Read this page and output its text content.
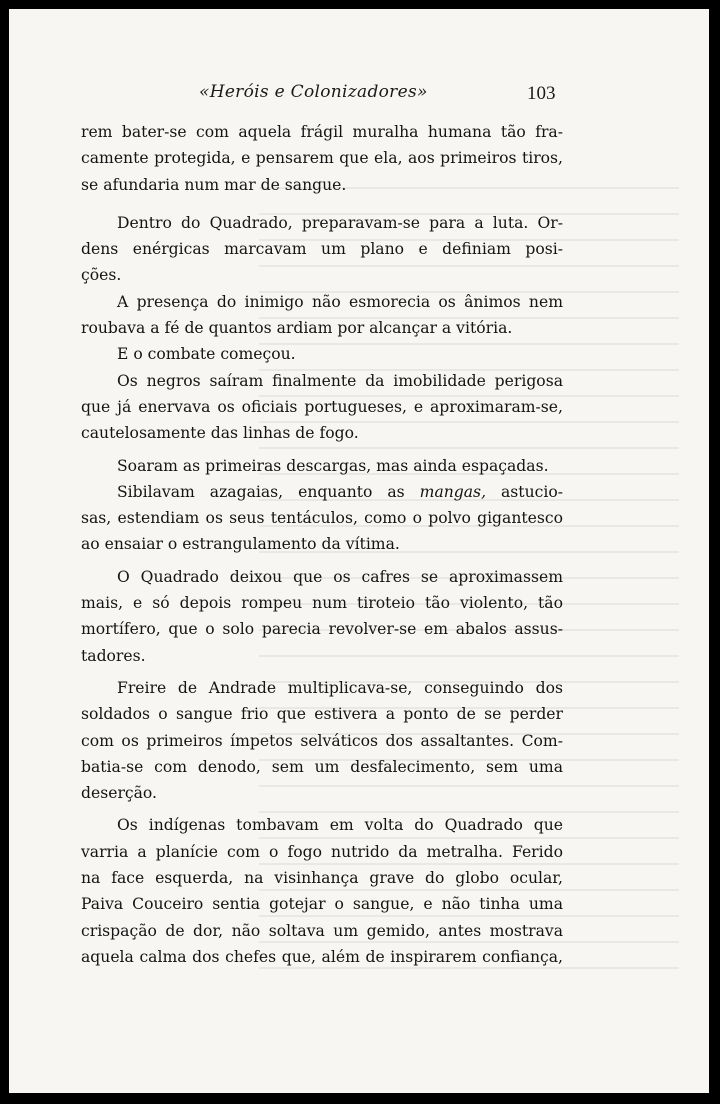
«Heróis e Colonizadores»	103

rem bater-se com aquela frágil muralha humana tão fra-
camente protegida, e pensarem que ela, aos primeiros tiros,
se afundaria num mar de sangue.

Dentro do Quadrado, preparavam-se para a luta. Or-
dens enérgicas marcavam um plano e definiam posi-
ções.

A presença do inimigo não esmorecia os ânimos nem
roubava a fé de quantos ardiam por alcançar a vitória.

E o combate começou.

Os negros saíram finalmente da imobilidade perigosa
que já enervava os oficiais portugueses, e aproximaram-se,
cautelosamente das linhas de fogo.

Soaram as primeiras descargas, mas ainda espaçadas.

Sibilavam azagaias, enquanto as mangas, astucio-
sas, estendiam os seus tentáculos, como o polvo gigantesco
ao ensaiar o estrangulamento da vítima.

O Quadrado deixou que os cafres se aproximassem
mais, e só depois rompeu num tiroteio tão violento, tão
mortífero, que o solo parecia revolver-se em abalos assus-
tadores.

Freire de Andrade multiplicava-se, conseguindo dos
soldados o sangue frio que estivera a ponto de se perder
com os primeiros ímpetos selváticos dos assaltantes. Com-
batia-se com denodo, sem um desfalecimento, sem uma
deserção.

Os indígenas tombavam em volta do Quadrado que
varria a planície com o fogo nutrido da metralha. Ferido
na face esquerda, na visinhança grave do globo ocular,
Paiva Couceiro sentia gotejar o sangue, e não tinha uma
crispação de dor, não soltava um gemido, antes mostrava
aquela calma dos chefes que, além de inspirarem confiança,
